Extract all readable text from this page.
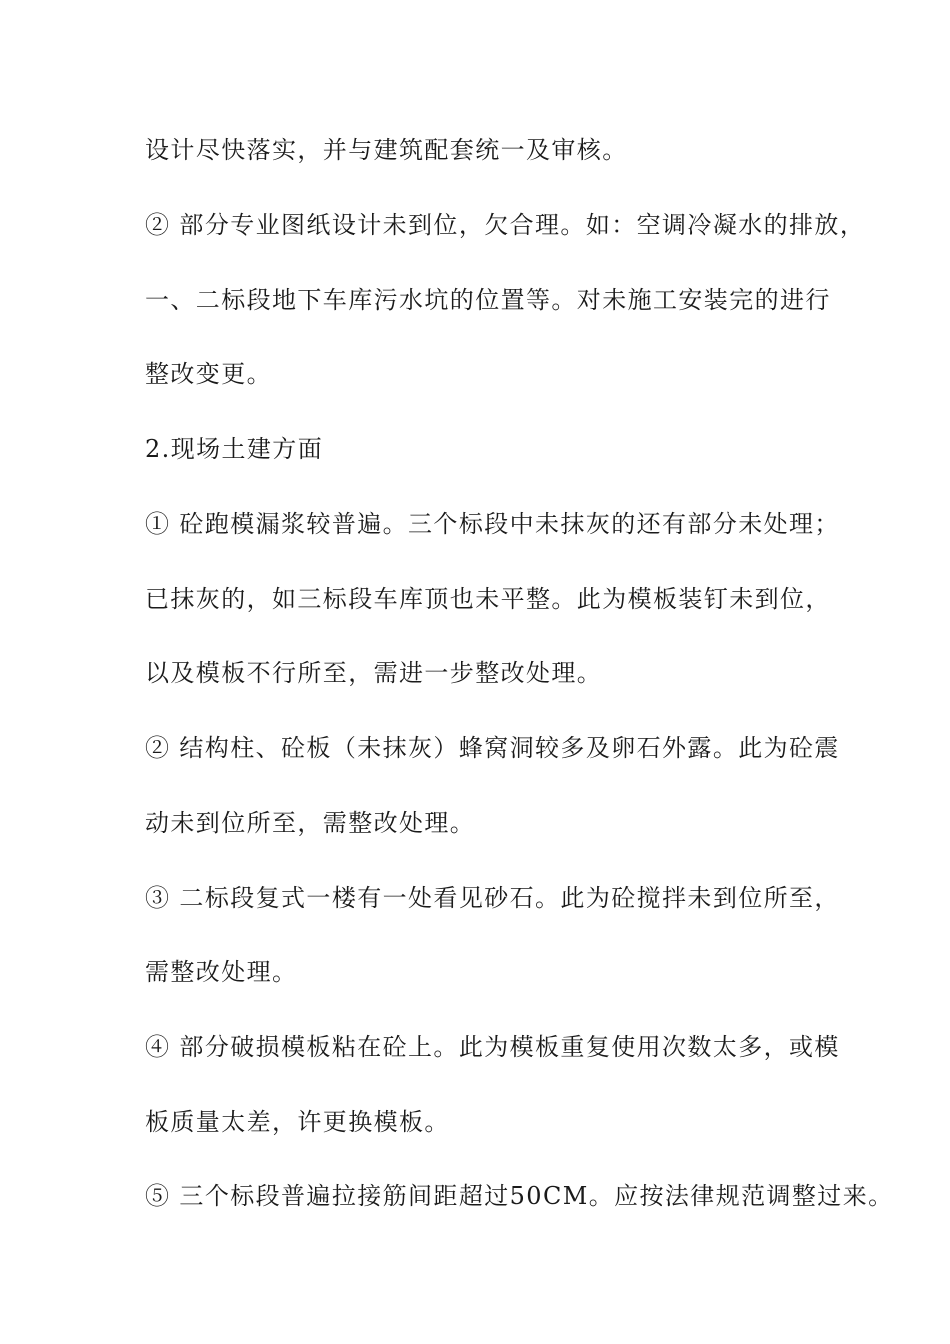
设计尽快落实，并与建筑配套统一及审核。
② 部分专业图纸设计未到位，欠合理。如：空调冷凝水的排放，
一、二标段地下车库污水坑的位置等。对未施工安装完的进行
整改变更。
2.现场土建方面
① 砼跑模漏浆较普遍。三个标段中未抹灰的还有部分未处理；
已抹灰的，如三标段车库顶也未平整。此为模板装钉未到位，
以及模板不行所至，需进一步整改处理。
② 结构柱、砼板（未抹灰）蜂窝洞较多及卵石外露。此为砼震
动未到位所至，需整改处理。
③ 二标段复式一楼有一处看见砂石。此为砼搅拌未到位所至，
需整改处理。
④ 部分破损模板粘在砼上。此为模板重复使用次数太多，或模
板质量太差，许更换模板。
⑤ 三个标段普遍拉接筋间距超过50CM。应按法律规范调整过来。
